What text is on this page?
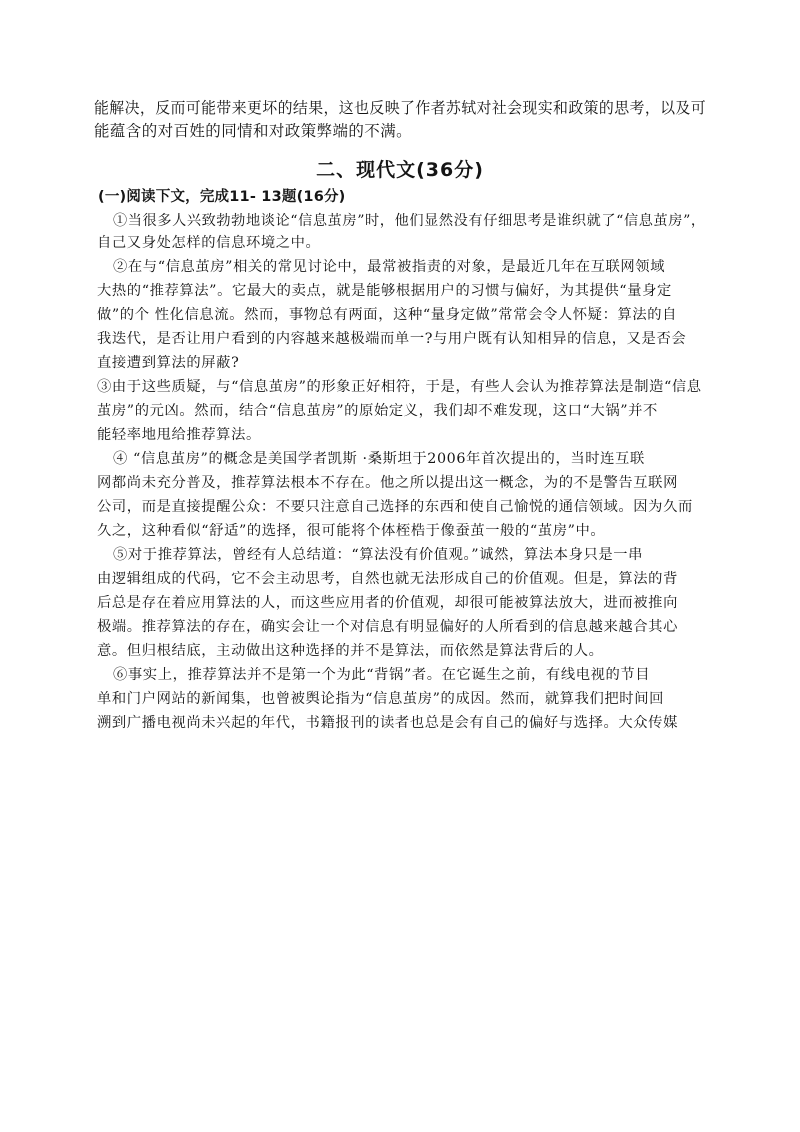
能解决，反而可能带来更坏的结果，这也反映了作者苏轼对社会现实和政策的思考，以及可
能蕴含的对百姓的同情和对政策弊端的不满。
二、现代文(36分)
(一)阅读下文，完成11- 13题(16分)
①当很多人兴致勃勃地谈论“信息茧房”时，他们显然没有仔细思考是谁织就了“信息茧房”，
自己又身处怎样的信息环境之中。
②在与“信息茧房”相关的常见讨论中，最常被指责的对象，是最近几年在互联网领域
大热的“推荐算法”。它最大的卖点，就是能够根据用户的习惯与偏好，为其提供“量身定
做”的个 性化信息流。然而，事物总有两面，这种“量身定做”常常会令人怀疑：算法的自
我迭代，是否让用户看到的内容越来越极端而单一?与用户既有认知相异的信息，又是否会
直接遭到算法的屏蔽?
③由于这些质疑，与“信息茧房”的形象正好相符，于是，有些人会认为推荐算法是制造“信息
茧房”的元凶。然而，结合“信息茧房”的原始定义，我们却不难发现，这口“大锅”并不
能轻率地甩给推荐算法。
④ “信息茧房”的概念是美国学者凯斯 ·桑斯坦于2006年首次提出的，当时连互联
网都尚未充分普及，推荐算法根本不存在。他之所以提出这一概念，为的不是警告互联网
公司，而是直接提醒公众：不要只注意自己选择的东西和使自己愉悦的通信领域。因为久而
久之，这种看似“舒适”的选择，很可能将个体桎梏于像蚕茧一般的“茧房”中。
⑤对于推荐算法，曾经有人总结道：“算法没有价值观。”诚然，算法本身只是一串
由逻辑组成的代码，它不会主动思考，自然也就无法形成自己的价值观。但是，算法的背
后总是存在着应用算法的人，而这些应用者的价值观，却很可能被算法放大，进而被推向
极端。推荐算法的存在，确实会让一个对信息有明显偏好的人所看到的信息越来越合其心
意。但归根结底，主动做出这种选择的并不是算法，而依然是算法背后的人。
⑥事实上，推荐算法并不是第一个为此“背锅”者。在它诞生之前，有线电视的节目
单和门户网站的新闻集，也曾被舆论指为“信息茧房”的成因。然而，就算我们把时间回
溯到广播电视尚未兴起的年代，书籍报刊的读者也总是会有自己的偏好与选择。大众传媒
